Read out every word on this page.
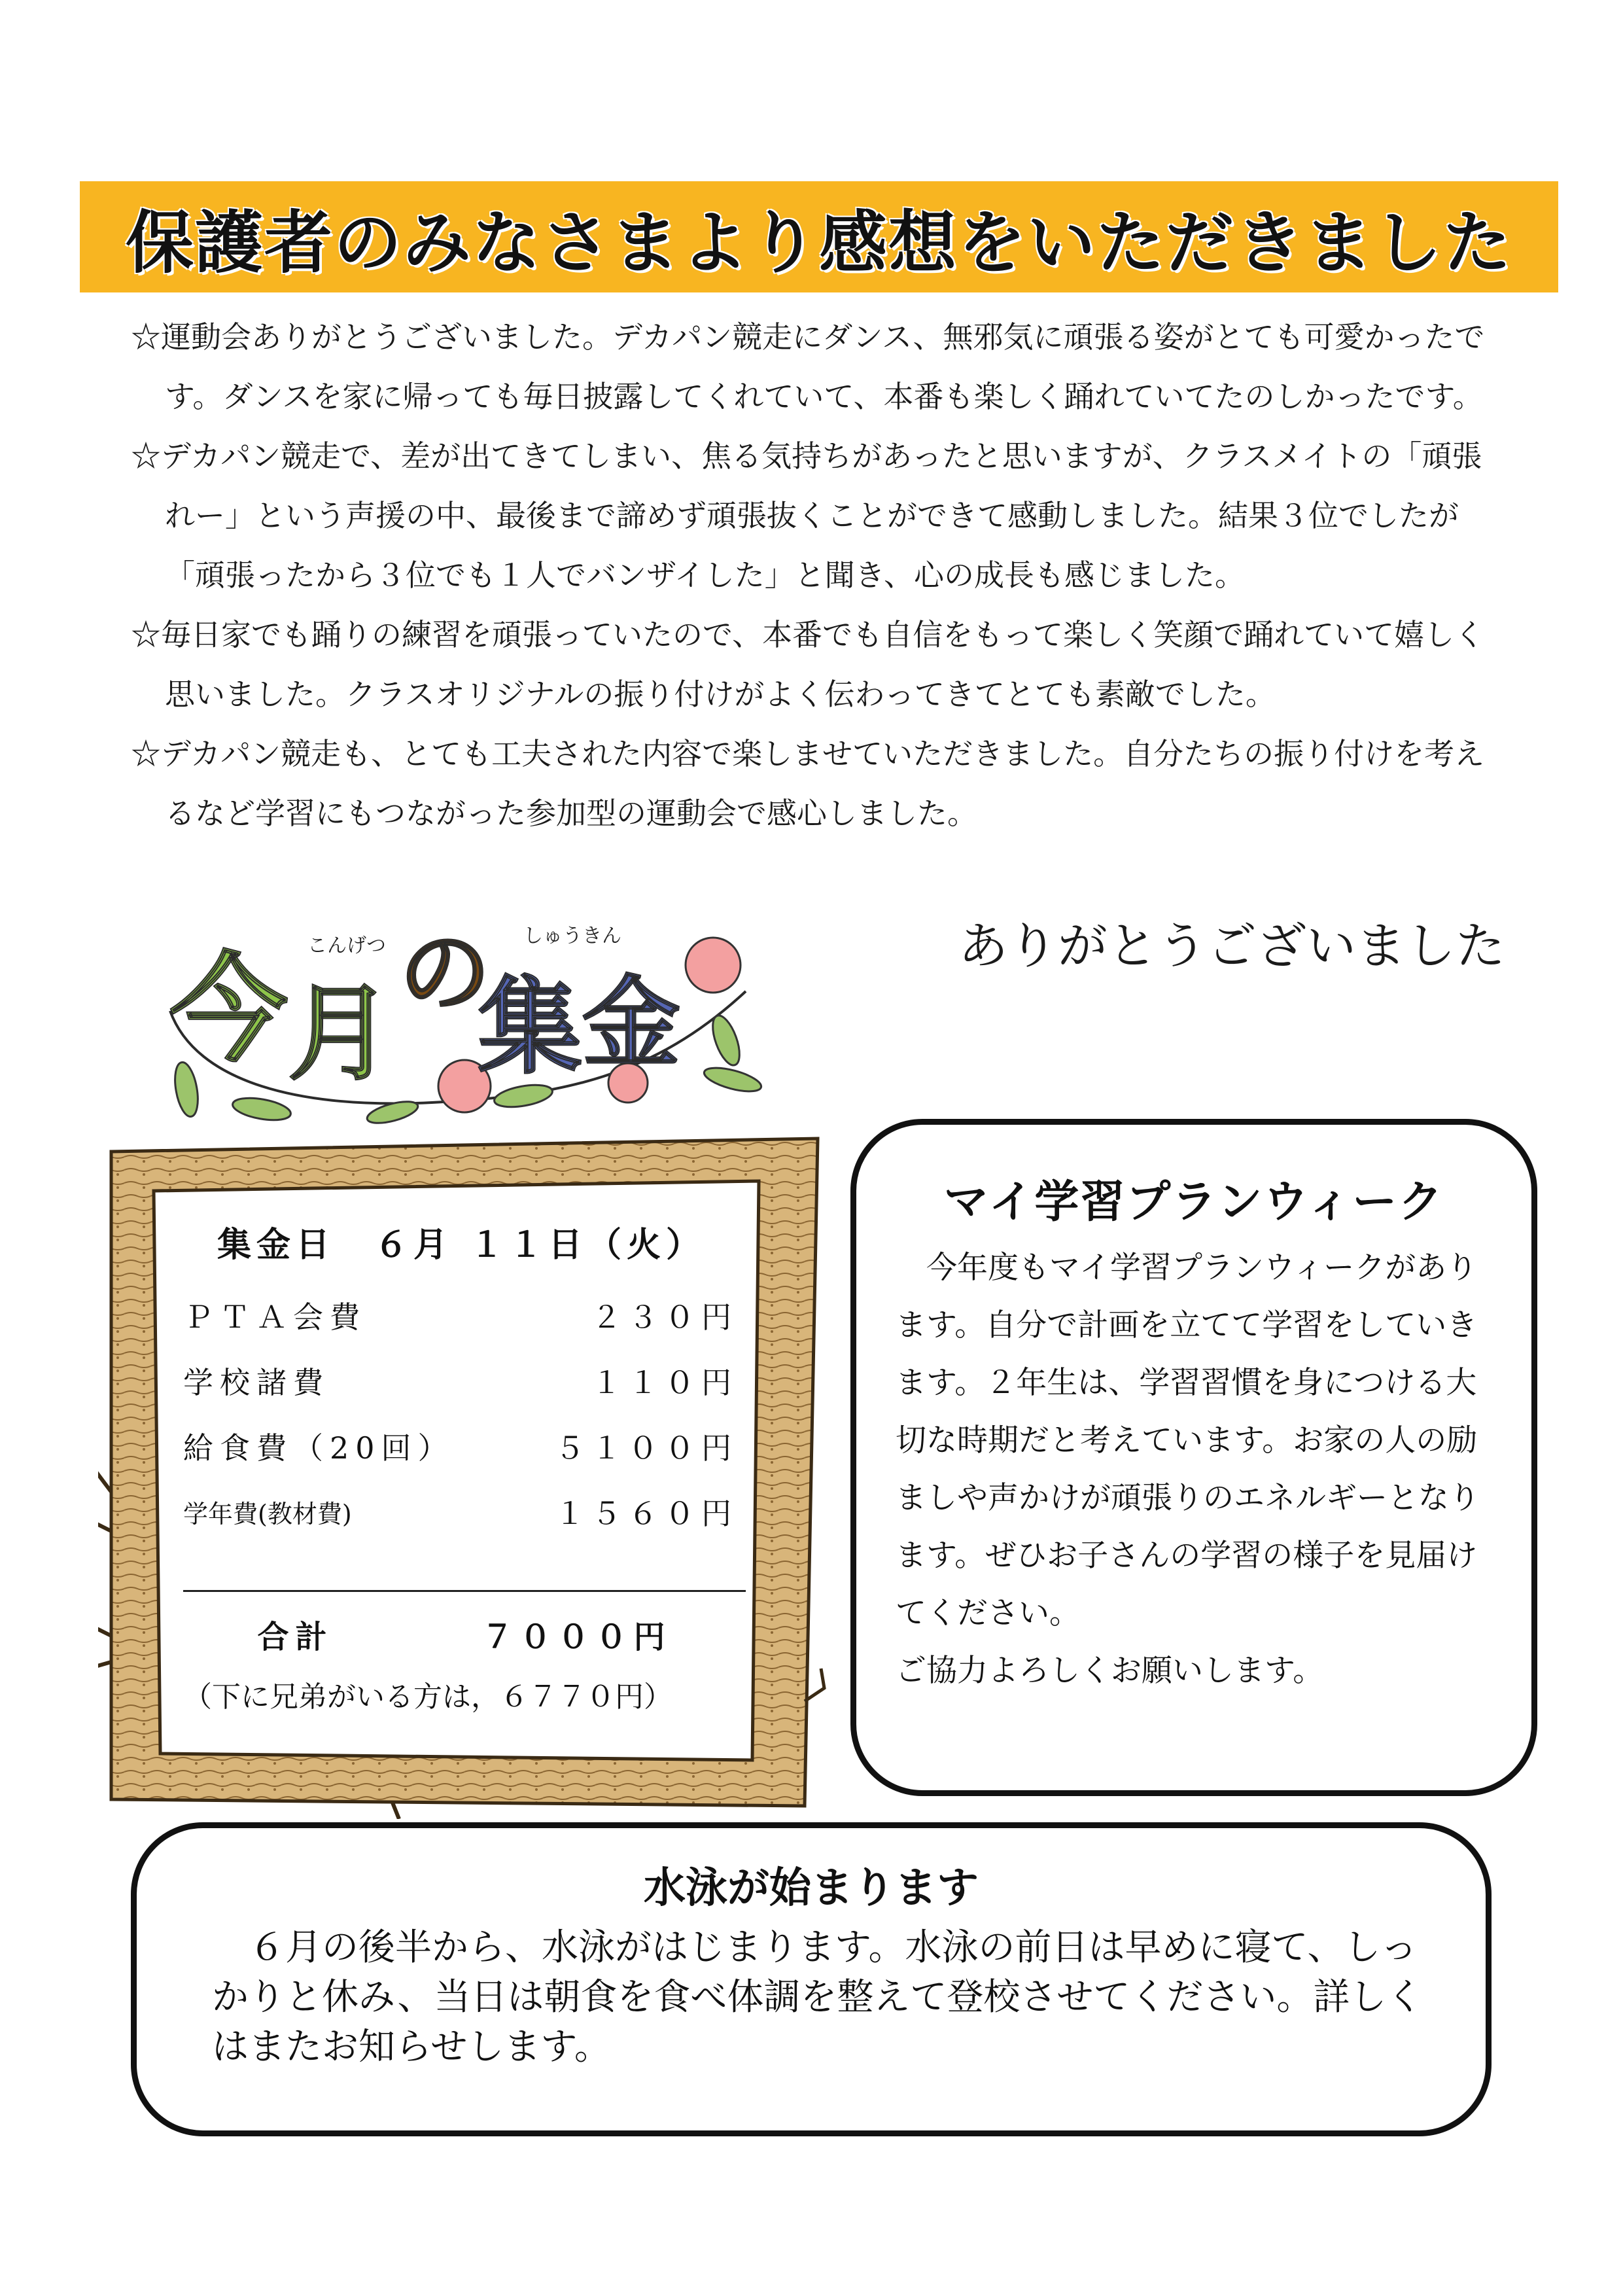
保護者のみなさまより感想をいただきました

☆運動会ありがとうございました。デカパン競走にダンス、無邪気に頑張る姿がとても可愛かったです。ダンスを家に帰っても毎日披露してくれていて、本番も楽しく踊れていてたのしかったです。

☆デカパン競走で、差が出てきてしまい、焦る気持ちがあったと思いますが、クラスメイトの「頑張れー」という声援の中、最後まで諦めず頑張抜くことができて感動しました。結果３位でしたが「頑張ったから３位でも１人でバンザイした」と聞き、心の成長も感じました。

☆毎日家でも踊りの練習を頑張っていたので、本番でも自信をもって楽しく笑顔で踊れていて嬉しく思いました。クラスオリジナルの振り付けがよく伝わってきてとても素敵でした。

☆デカパン競走も、とても工夫された内容で楽しませていただきました。自分たちの振り付けを考えるなど学習にもつながった参加型の運動会で感心しました。

ありがとうございました
今 月 の
集 金
こんげつ	しゅうきん
集金日　６月 １１日（火）
ＰＴＡ会費	２３０円
学校諸費	１１０円
給食費（20回）	５１００円
学年費(教材費)	１５６０円
合計	７０００円
（下に兄弟がいる方は，６７７０円）
マイ学習プランウィーク
　今年度もマイ学習プランウィークがあります。自分で計画を立てて学習をしていきます。２年生は、学習習慣を身につける大切な時期だと考えています。お家の人の励ましや声かけが頑張りのエネルギーとなります。ぜひお子さんの学習の様子を見届けてください。
ご協力よろしくお願いします。
水泳が始まります
　６月の後半から、水泳がはじまります。水泳の前日は早めに寝て、しっかりと休み、当日は朝食を食べ体調を整えて登校させてください。詳しくはまたお知らせします。
